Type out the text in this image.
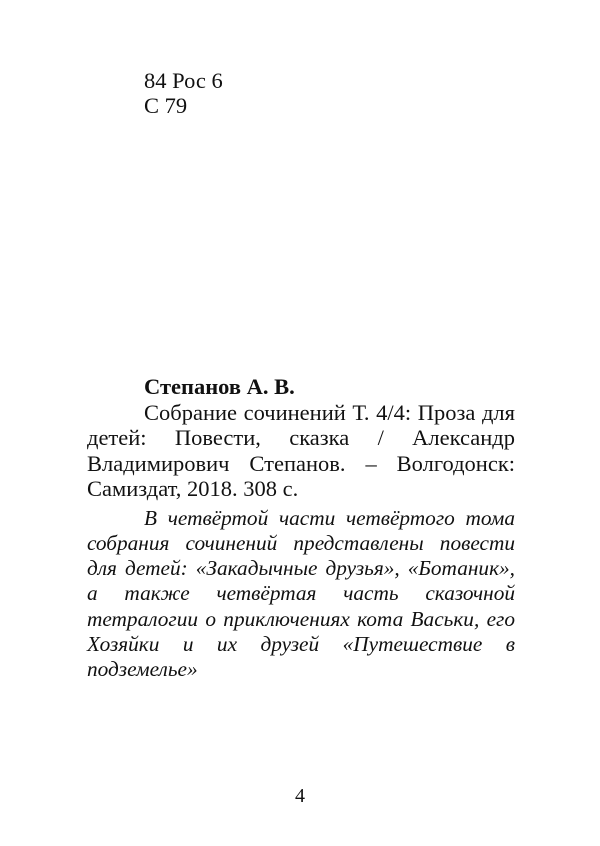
84 Рос 6
С 79
Степанов А. В.

Собрание сочинений Т. 4/4: Проза для детей: Повести, сказка / Александр Владимирович Степанов. – Волгодонск: Самиздат, 2018. 308 с.

В четвёртой части четвёртого тома собрания сочинений представлены повести для детей: «Закадычные друзья», «Ботаник», а также четвёртая часть сказочной тетралогии о приключениях кота Васьки, его Хозяйки и их друзей «Путешествие в подземелье»

4
